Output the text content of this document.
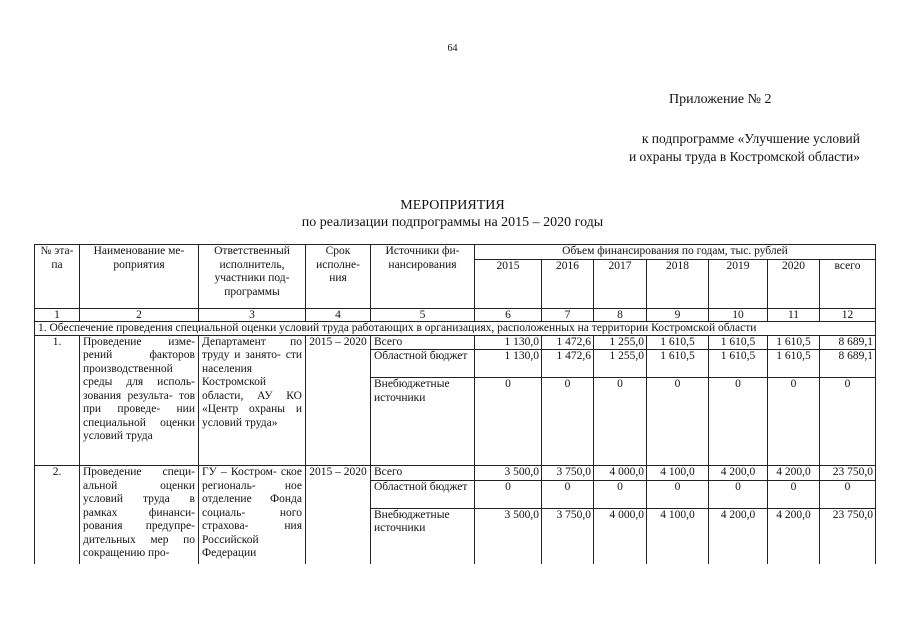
64
Приложение № 2
к подпрограмме «Улучшение условий
и охраны труда в Костромской области»
МЕРОПРИЯТИЯ
по реализации подпрограммы на 2015 – 2020 годы
№ эта- па	Наименование ме- роприятия	Ответственный исполнитель, участники под- программы	Срок исполне- ния	Источники фи- нансирования	Объем финансирования по годам, тыс. рублей						
					2015	2016	2017	2018	2019	2020	всего
1	2	3	4	5	6	7	8	9	10	11	12
1. Обеспечение проведения специальной оценки условий труда работающих в организациях, расположенных на территории Костромской области											
1.	Проведение изме- рений факторов производственной среды для исполь- зования результа- тов при проведе- нии специальной оценки условий труда	Департамент по труду и занято- сти населения Костромской области, АУ КО «Центр охраны и условий труда»	2015 – 2020	Всего	1 130,0	1 472,6	1 255,0	1 610,5	1 610,5	1 610,5	8 689,1
				Областной бюджет	1 130,0	1 472,6	1 255,0	1 610,5	1 610,5	1 610,5	8 689,1
				Внебюджетные источники	0	0	0	0	0	0	0
2.	Проведение специ- альной оценки условий труда в рамках финанси- рования предупре- дительных мер по сокращению про-	ГУ – Костром- ское региональ- ное отделение Фонда социаль- ного страхова- ния Российской Федерации	2015 – 2020	Всего	3 500,0	3 750,0	4 000,0	4 100,0	4 200,0	4 200,0	23 750,0
				Областной бюджет	0	0	0	0	0	0	0
				Внебюджетные источники	3 500,0	3 750,0	4 000,0	4 100,0	4 200,0	4 200,0	23 750,0
